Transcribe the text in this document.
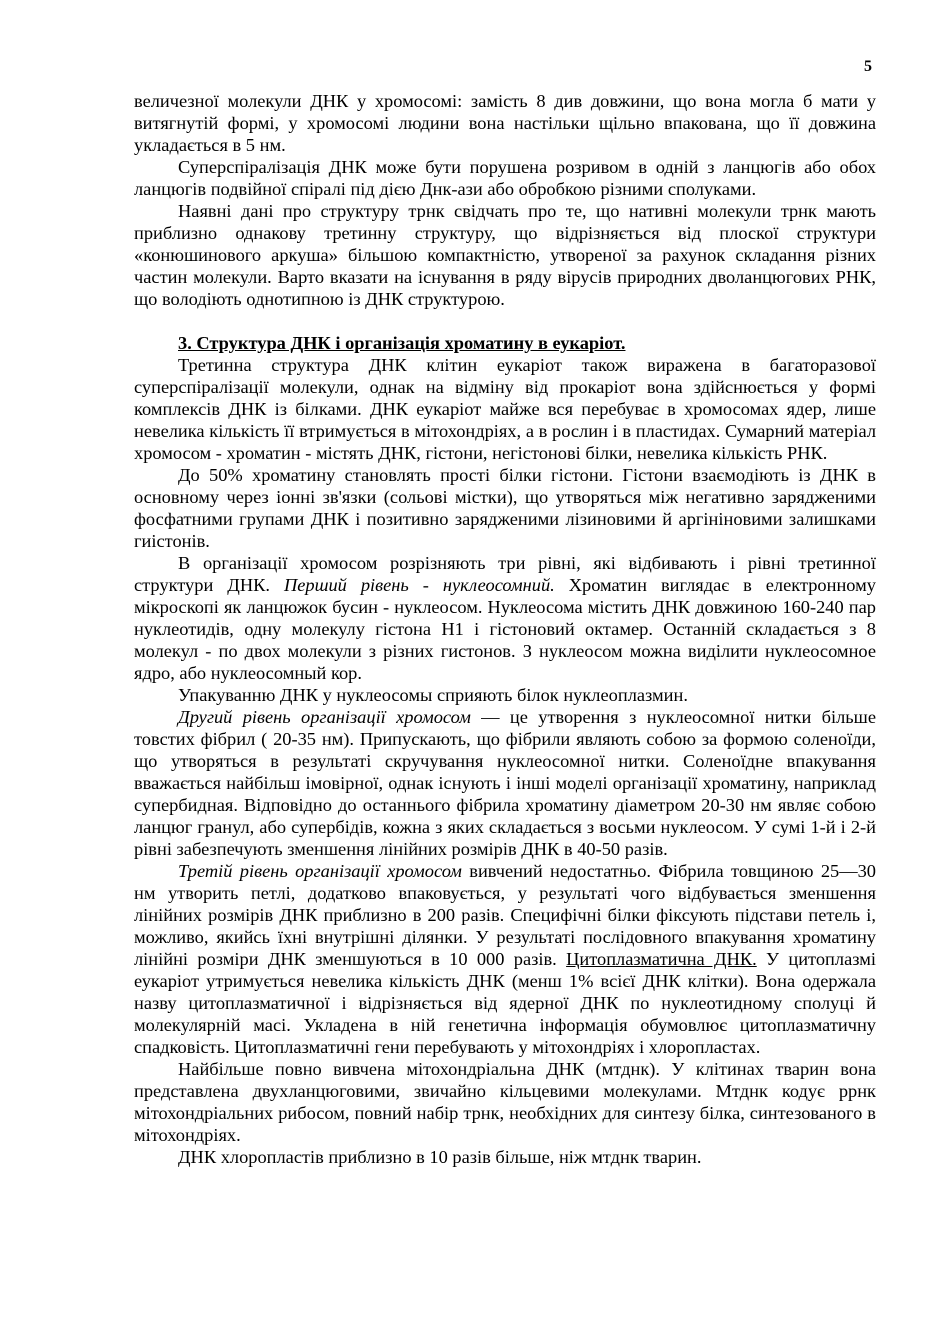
5

величезної молекули ДНК у хромосомі: замість 8 див довжини, що вона могла б мати у витягнутій формі, у хромосомі людини вона настільки щільно впакована, що її довжина укладається в 5 нм.

Суперспіралізація ДНК може бути порушена розривом в одній з ланцюгів або обох ланцюгів подвійної спіралі під дією Днк-ази або обробкою різними сполуками.

Наявні дані про структуру трнк свідчать про те, що нативні молекули трнк мають приблизно однакову третинну структуру, що відрізняється від плоскої структури «конюшинового аркуша» більшою компактністю, утвореної за рахунок складання різних частин молекули. Варто вказати на існування в ряду вірусів природних дволанцюгових РНК, що володіють однотипною із ДНК структурою.

3. Структура ДНК і організація хроматину в еукаріот.

Третинна структура ДНК клітин еукаріот також виражена в багаторазової суперспіралізації молекули, однак на відміну від прокаріот вона здійснюється у формі комплексів ДНК із білками. ДНК еукаріот майже вся перебуває в хромосомах ядер, лише невелика кількість її втримується в мітохондріях, а в рослин і в пластидах. Сумарний матеріал хромосом - хроматин - містять ДНК, гістони, негістонові білки, невелика кількість РНК.

До 50% хроматину становлять прості білки гістони. Гістони взаємодіють із ДНК в основному через іонні зв'язки (сольові містки), що утворяться між негативно зарядженими фосфатними групами ДНК і позитивно зарядженими лізиновими й аргініновими залишками гиістонів.

В організації хромосом розрізняють три рівні, які відбивають і рівні третинної структури ДНК. Перший рівень - нуклеосомний. Хроматин виглядає в електронному мікроскопі як ланцюжок бусин - нуклеосом. Нуклеосома містить ДНК довжиною 160-240 пар нуклеотидів, одну молекулу гістона Н1 і гістоновий октамер. Останній складається з 8 молекул - по двох молекули з різних гистонов. З нуклеосом можна виділити нуклеосомное ядро, або нуклеосомный кор.

Упакуванню ДНК у нуклеосомы сприяють білок нуклеоплазмин.

Другий рівень організації хромосом — це утворення з нуклеосомної нитки більше товстих фібрил ( 20-35 нм). Припускають, що фібрили являють собою за формою соленоїди, що утворяться в результаті скручування нуклеосомної нитки. Соленоїдне впакування вважається найбільш імовірної, однак існують і інші моделі організації хроматину, наприклад супербидная. Відповідно до останнього фібрила хроматину діаметром 20-30 нм являє собою ланцюг гранул, або супербідів, кожна з яких складається з восьми нуклеосом. У сумі 1-й і 2-й рівні забезпечують зменшення лінійних розмірів ДНК в 40-50 разів.

Третій рівень організації хромосом вивчений недостатньо. Фібрила товщиною 25—30 нм утворить петлі, додатково впаковується, у результаті чого відбувається зменшення лінійних розмірів ДНК приблизно в 200 разів. Специфічні білки фіксують підстави петель і, можливо, якийсь їхні внутрішні ділянки. У результаті послідовного впакування хроматину лінійні розміри ДНК зменшуються в 10 000 разів. Цитоплазматична ДНК. У цитоплазмі еукаріот утримується невелика кількість ДНК (менш 1% всієї ДНК клітки). Вона одержала назву цитоплазматичної і відрізняється від ядерної ДНК по нуклеотидному сполуці й молекулярній масі. Укладена в ній генетична інформація обумовлює цитоплазматичну спадковість. Цитоплазматичні гени перебувають у мітохондріях і хлоропластах.

Найбільше повно вивчена мітохондріальна ДНК (мтднк). У клітинах тварин вона представлена двухланцюговими, звичайно кільцевими молекулами. Мтднк кодує ррнк мітохондріальних рибосом, повний набір трнк, необхідних для синтезу білка, синтезованого в мітохондріях.

ДНК хлоропластів приблизно в 10 разів більше, ніж мтднк тварин.
